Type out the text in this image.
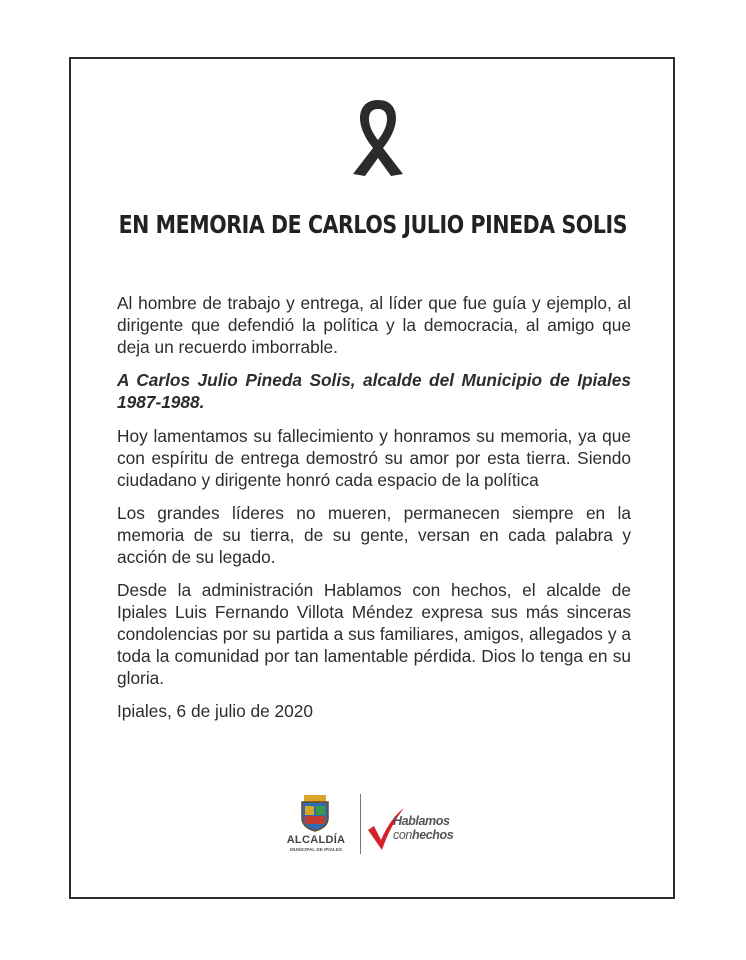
EN MEMORIA DE CARLOS JULIO PINEDA SOLIS

Al hombre de trabajo y entrega, al líder que fue guía y ejemplo, al dirigente que defendió la política y la democracia, al amigo que deja un recuerdo imborrable.

A Carlos Julio Pineda Solis, alcalde del Municipio de Ipiales 1987-1988.

Hoy lamentamos su fallecimiento y honramos su memoria, ya que con espíritu de entrega demostró su amor por esta tierra. Siendo ciudadano y dirigente honró cada espacio de la política

Los grandes líderes no mueren, permanecen siempre en la memoria de su tierra, de su gente, versan en cada palabra y acción de su legado.

Desde la administración Hablamos con hechos, el alcalde de Ipiales Luis Fernando Villota Méndez expresa sus más sinceras condolencias por su partida a sus familiares, amigos, allegados y a toda la comunidad por tan lamentable pérdida. Dios lo tenga en su gloria.

Ipiales, 6 de julio de 2020

ALCALDÍA
MUNICIPAL DE IPIALES
Hablamos
conhechos
